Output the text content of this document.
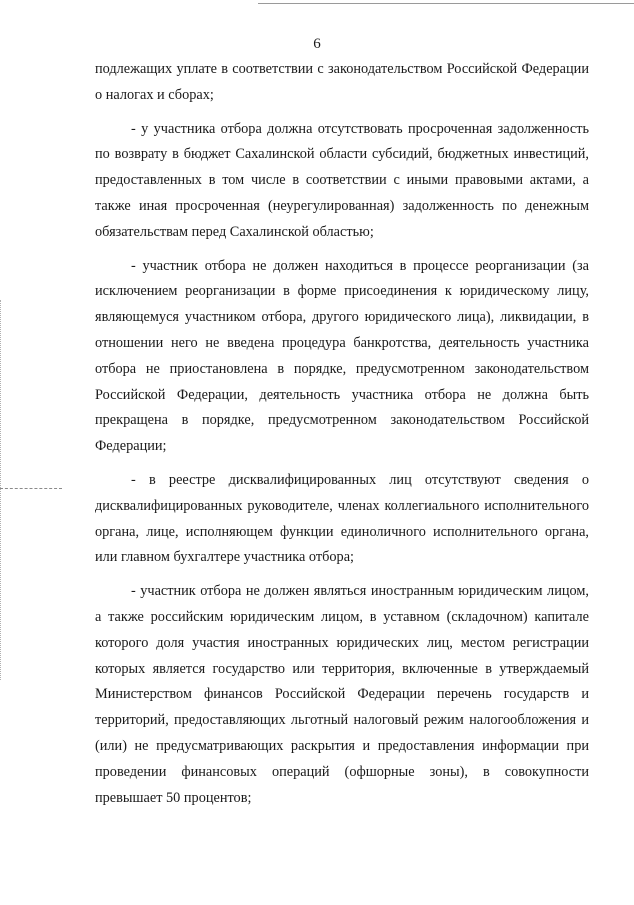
6

подлежащих уплате в соответствии с законодательством Российской Федерации о налогах и сборах;

- у участника отбора должна отсутствовать просроченная задолженность по возврату в бюджет Сахалинской области субсидий, бюджетных инвестиций, предоставленных в том числе в соответствии с иными правовыми актами, а также иная просроченная (неурегулированная) задолженность по денежным обязательствам перед Сахалинской областью;

- участник отбора не должен находиться в процессе реорганизации (за исключением реорганизации в форме присоединения к юридическому лицу, являющемуся участником отбора, другого юридического лица), ликвидации, в отношении него не введена процедура банкротства, деятельность участника отбора не приостановлена в порядке, предусмотренном законодательством Российской Федерации, деятельность участника отбора не должна быть прекращена в порядке, предусмотренном законодательством Российской Федерации;

- в реестре дисквалифицированных лиц отсутствуют сведения о дисквалифицированных руководителе, членах коллегиального исполнительного органа, лице, исполняющем функции единоличного исполнительного органа, или главном бухгалтере участника отбора;

- участник отбора не должен являться иностранным юридическим лицом, а также российским юридическим лицом, в уставном (складочном) капитале которого доля участия иностранных юридических лиц, местом регистрации которых является государство или территория, включенные в утверждаемый Министерством финансов Российской Федерации перечень государств и территорий, предоставляющих льготный налоговый режим налогообложения и (или) не предусматривающих раскрытия и предоставления информации при проведении финансовых операций (офшорные зоны), в совокупности превышает 50 процентов;
